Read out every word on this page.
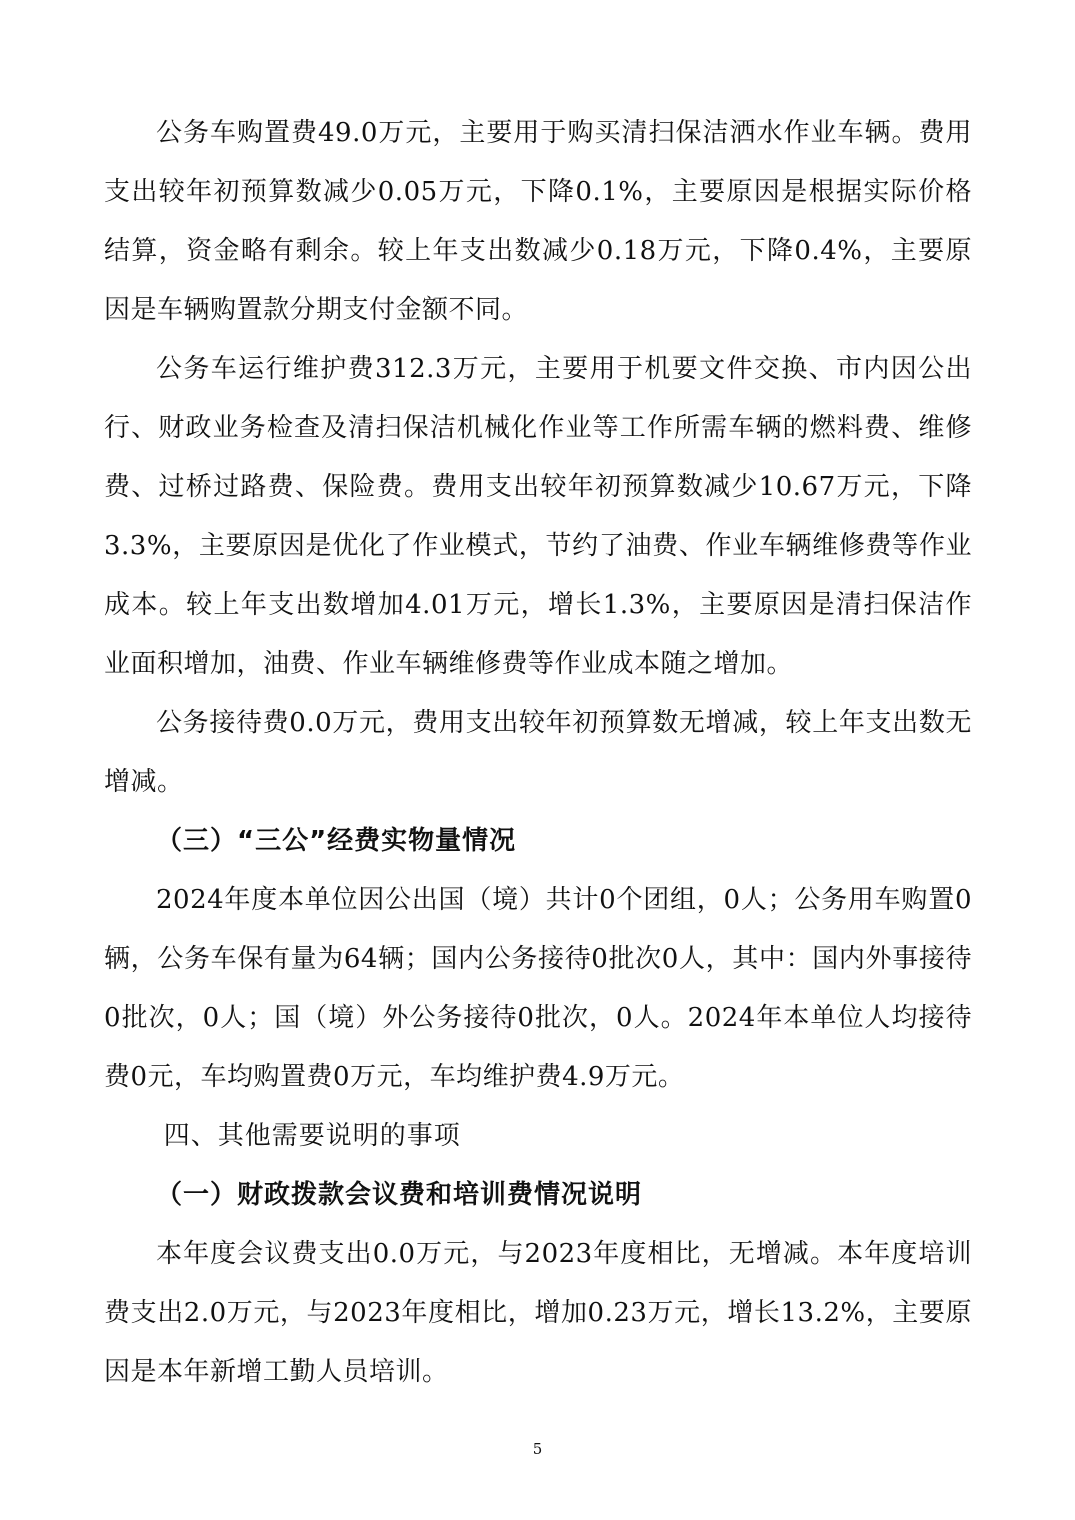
公务车购置费49.0万元，主要用于购买清扫保洁洒水作业车辆。费用支出较年初预算数减少0.05万元，下降0.1%，主要原因是根据实际价格结算，资金略有剩余。较上年支出数减少0.18万元，下降0.4%，主要原因是车辆购置款分期支付金额不同。

公务车运行维护费312.3万元，主要用于机要文件交换、市内因公出行、财政业务检查及清扫保洁机械化作业等工作所需车辆的燃料费、维修费、过桥过路费、保险费。费用支出较年初预算数减少10.67万元，下降3.3%，主要原因是优化了作业模式，节约了油费、作业车辆维修费等作业成本。较上年支出数增加4.01万元，增长1.3%，主要原因是清扫保洁作业面积增加，油费、作业车辆维修费等作业成本随之增加。

公务接待费0.0万元，费用支出较年初预算数无增减，较上年支出数无增减。

（三）“三公”经费实物量情况

2024年度本单位因公出国（境）共计0个团组，0人；公务用车购置0辆，公务车保有量为64辆；国内公务接待0批次0人，其中：国内外事接待0批次，0人；国（境）外公务接待0批次，0人。2024年本单位人均接待费0元，车均购置费0万元，车均维护费4.9万元。

四、其他需要说明的事项

（一）财政拨款会议费和培训费情况说明

本年度会议费支出0.0万元，与2023年度相比，无增减。本年度培训费支出2.0万元，与2023年度相比，增加0.23万元，增长13.2%，主要原因是本年新增工勤人员培训。

5
